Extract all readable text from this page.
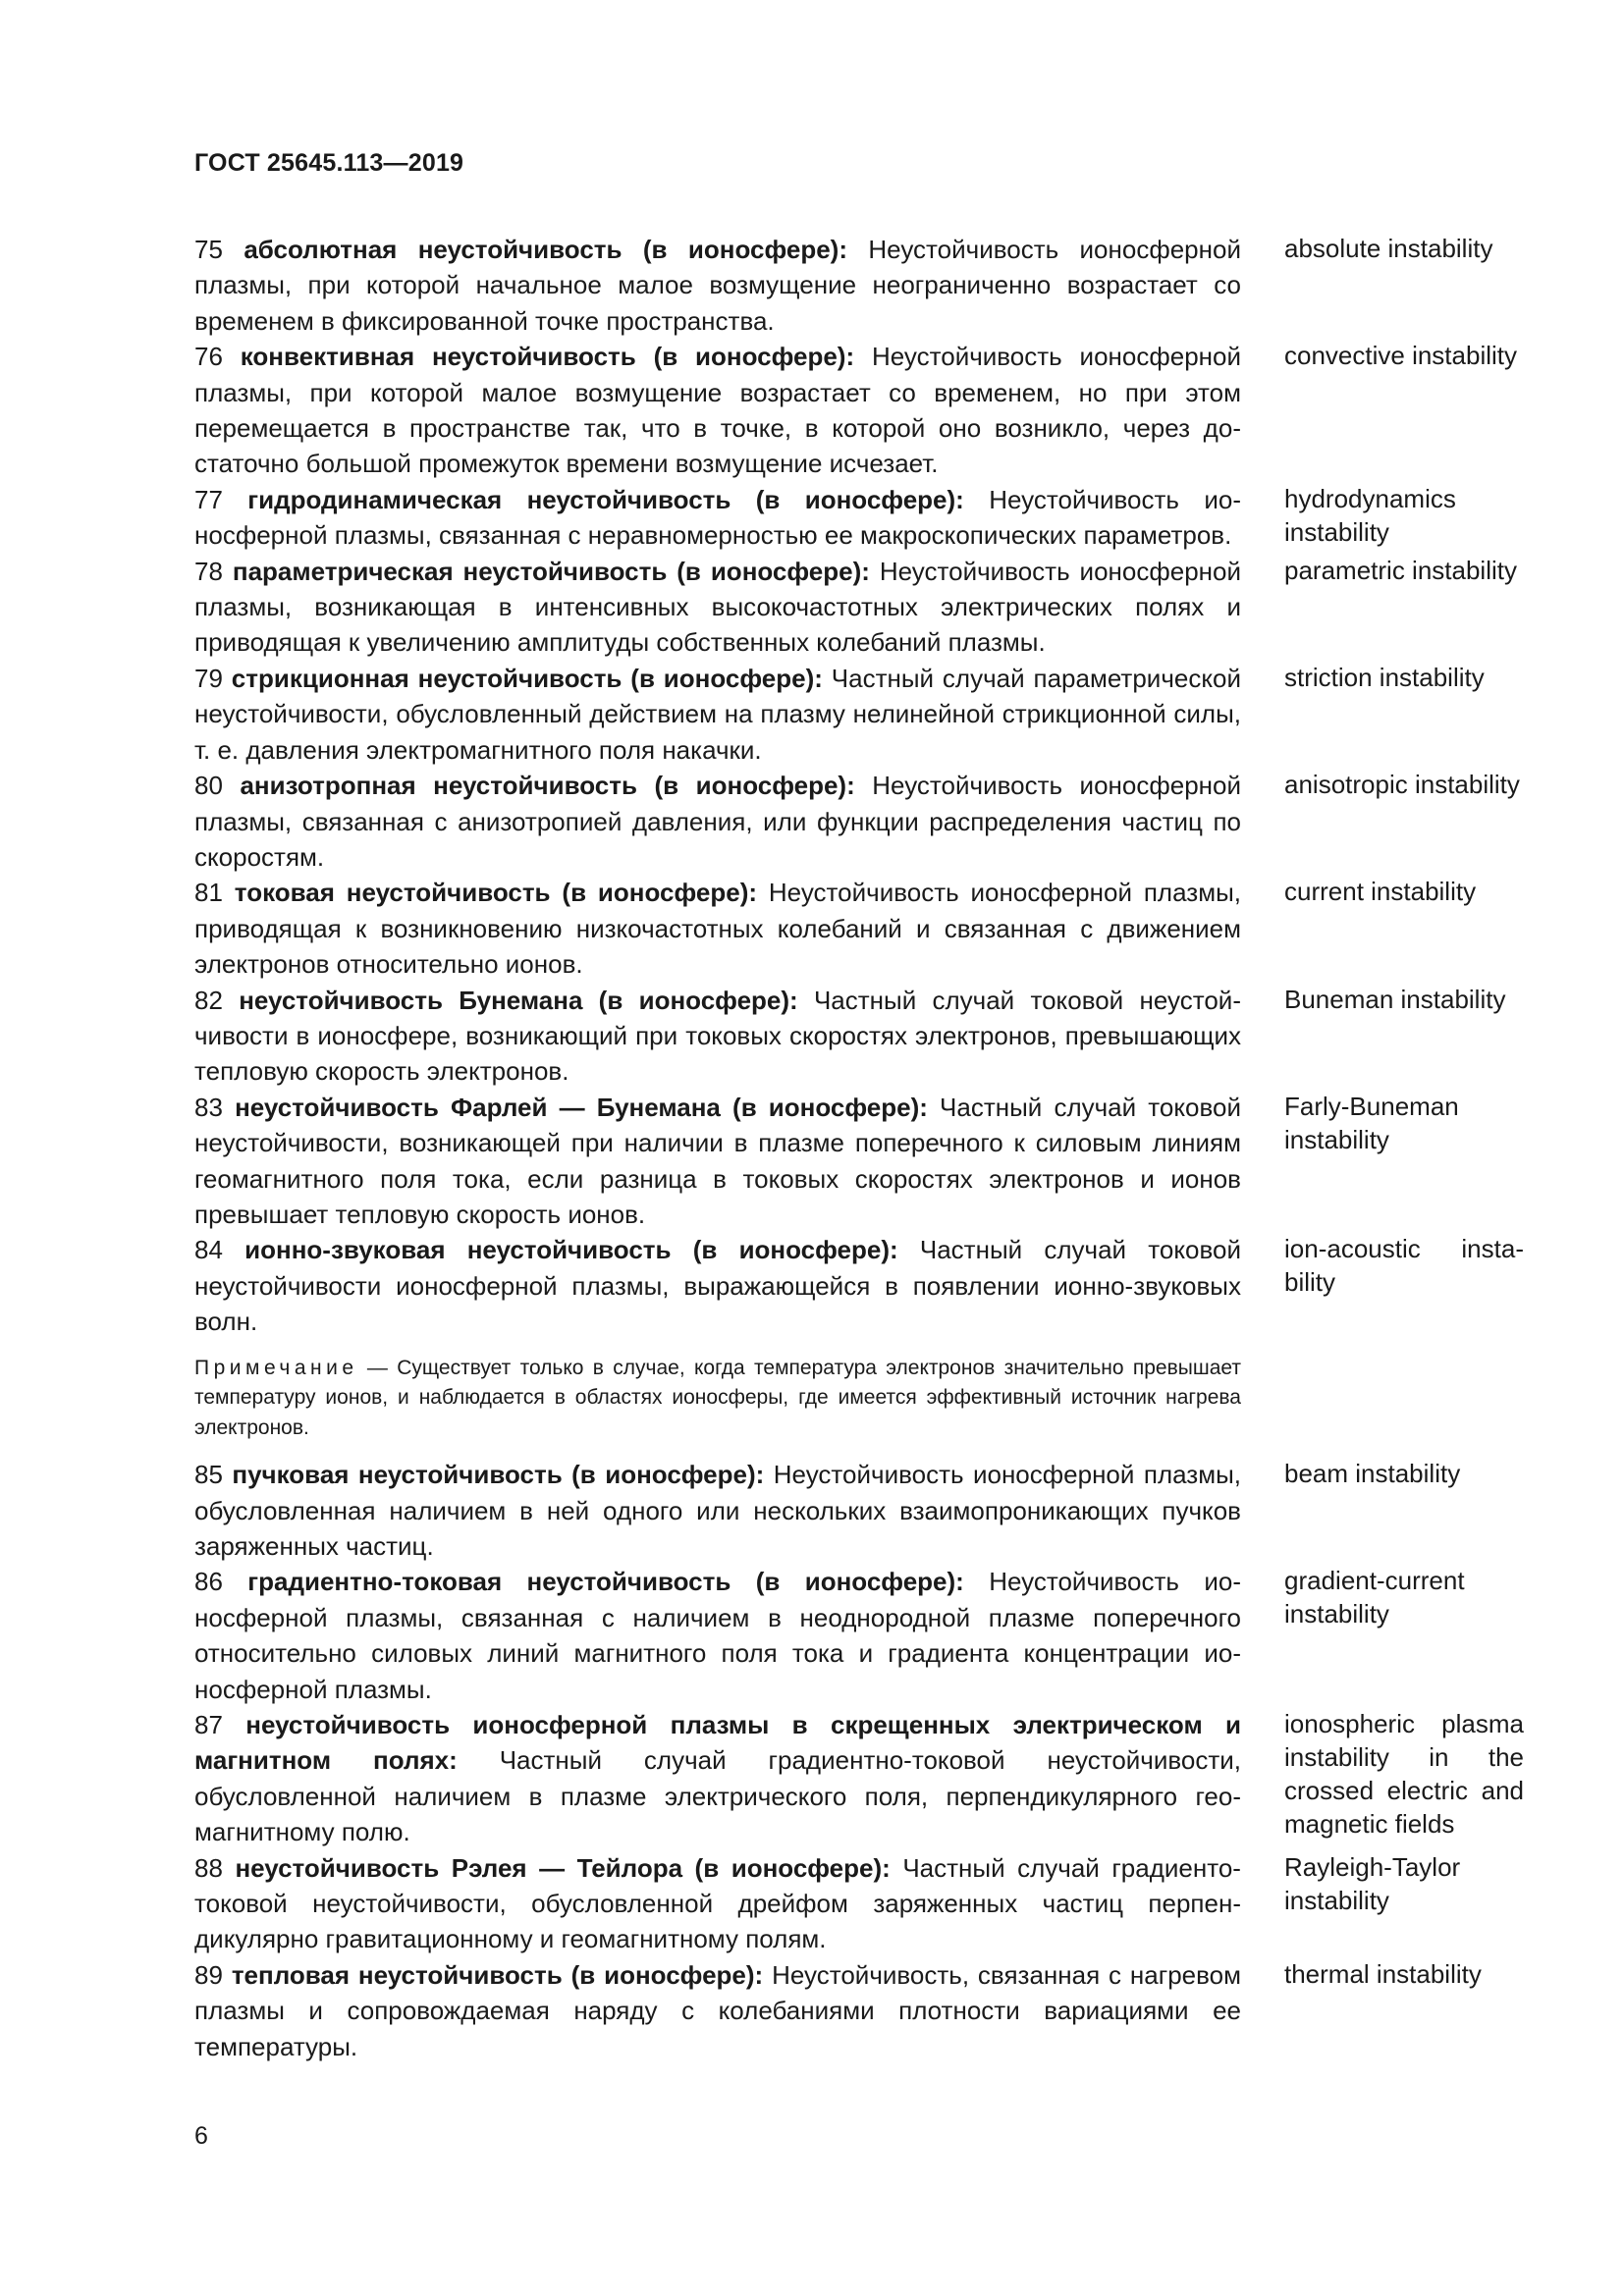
ГОСТ 25645.113—2019
75 абсолютная неустойчивость (в ионосфере): Неустойчивость ионосферной плазмы, при которой начальное малое возмущение неограниченно возрастает со временем в фиксированной точке пространства.
absolute instability
76 конвективная неустойчивость (в ионосфере): Неустойчивость ионосферной плазмы, при которой малое возмущение возрастает со временем, но при этом перемещается в пространстве так, что в точке, в которой оно возникло, через достаточно большой промежуток времени возмущение исчезает.
convective instability
77 гидродинамическая неустойчивость (в ионосфере): Неустойчивость ионосферной плазмы, связанная с неравномерностью ее макроскопических параметров.
hydrodynamics instability
78 параметрическая неустойчивость (в ионосфере): Неустойчивость ионосферной плазмы, возникающая в интенсивных высокочастотных электрических полях и приводящая к увеличению амплитуды собственных колебаний плазмы.
parametric instability
79 стрикционная неустойчивость (в ионосфере): Частный случай параметрической неустойчивости, обусловленный действием на плазму нелинейной стрикционной силы, т. е. давления электромагнитного поля накачки.
striction instability
80 анизотропная неустойчивость (в ионосфере): Неустойчивость ионосферной плазмы, связанная с анизотропией давления, или функции распределения частиц по скоростям.
anisotropic instability
81 токовая неустойчивость (в ионосфере): Неустойчивость ионосферной плазмы, приводящая к возникновению низкочастотных колебаний и связанная с движением электронов относительно ионов.
current instability
82 неустойчивость Бунемана (в ионосфере): Частный случай токовой неустойчивости в ионосфере, возникающий при токовых скоростях электронов, превышающих тепловую скорость электронов.
Buneman instability
83 неустойчивость Фарлей — Бунемана (в ионосфере): Частный случай токовой неустойчивости, возникающей при наличии в плазме поперечного к силовым линиям геомагнитного поля тока, если разница в токовых скоростях электронов и ионов превышает тепловую скорость ионов.
Farly-Buneman instability
84 ионно-звуковая неустойчивость (в ионосфере): Частный случай токовой неустойчивости ионосферной плазмы, выражающейся в появлении ионно-звуковых волн.
ion-acoustic instability
Примечание — Существует только в случае, когда температура электронов значительно превышает температуру ионов, и наблюдается в областях ионосферы, где имеется эффективный источник нагрева электронов.
85 пучковая неустойчивость (в ионосфере): Неустойчивость ионосферной плазмы, обусловленная наличием в ней одного или нескольких взаимопроникающих пучков заряженных частиц.
beam instability
86 градиентно-токовая неустойчивость (в ионосфере): Неустойчивость ионосферной плазмы, связанная с наличием в неоднородной плазме поперечного относительно силовых линий магнитного поля тока и градиента концентрации ионосферной плазмы.
gradient-current instability
87 неустойчивость ионосферной плазмы в скрещенных электрическом и магнитном полях: Частный случай градиентно-токовой неустойчивости, обусловленной наличием в плазме электрического поля, перпендикулярного геомагнитному полю.
ionospheric plasma instability in the crossed electric and magnetic fields
88 неустойчивость Рэлея — Тейлора (в ионосфере): Частный случай градиенто-токовой неустойчивости, обусловленной дрейфом заряженных частиц перпендикулярно гравитационному и геомагнитному полям.
Rayleigh-Taylor instability
89 тепловая неустойчивость (в ионосфере): Неустойчивость, связанная с нагревом плазмы и сопровождаемая наряду с колебаниями плотности вариациями ее температуры.
thermal instability
6
